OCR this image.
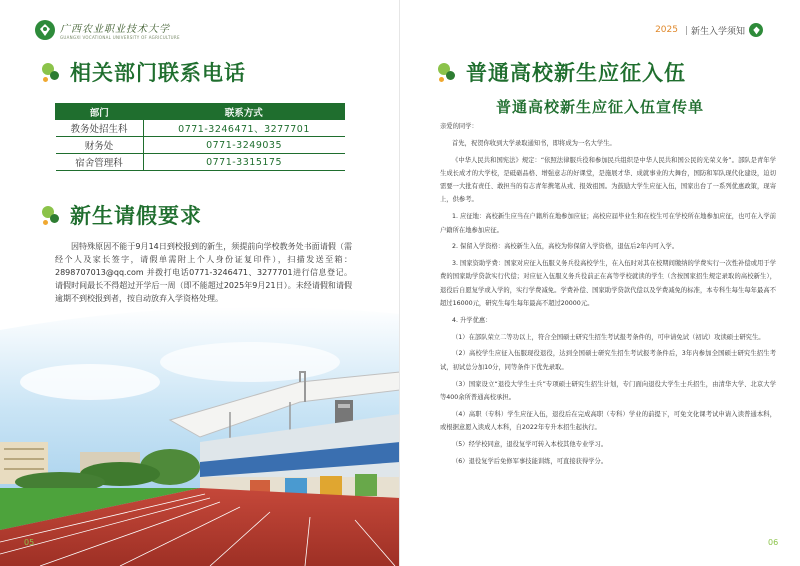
广西农业职业技术大学
GUANGXI VOCATIONAL UNIVERSITY OF AGRICULTURE
相关部门联系电话
部门	联系方式
教务处招生科	0771-3246471、3277701
财务处	0771-3249035
宿舍管理科	0771-3315175
新生请假要求
因特殊原因不能于9月14日到校报到的新生，须提前向学校教务处书面请假（需经个人及家长签字，请假单需附上个人身份证复印件），扫描发送至箱：2898707013@qq.com 并拨打电话0771-3246471、3277701进行信息登记。请假时间最长不得超过开学后一周（即不能超过2025年9月21日）。未经请假和请假逾期不到校报到者，按自动放弃入学资格处理。
05
2025 新生入学须知
普通高校新生应征入伍
普通高校新生应征入伍宣传单

亲爱的同学：

首先，祝贺你收到大学录取通知书，即将成为一名大学生。

《中华人民共和国宪法》规定：“依照法律服兵役和参加民兵组织是中华人民共和国公民的光荣义务”。部队是青年学生成长成才的大学校，是砥砺品格、增强意志的好课堂，是施展才华、成就事业的大舞台，国防和军队现代化建设，迫切需要一大批有责任、敢担当的有志青年携笔从戎、报效祖国。为鼓励大学生应征入伍，国家出台了一系列优惠政策，现寄上，供参考。

1. 应征地：高校新生应当在户籍所在地参加应征；高校应届毕业生和在校生可在学校所在地参加应征，也可在入学前户籍所在地参加应征。

2. 保留入学资格：高校新生入伍，高校为你保留入学资格，退伍后2年内可入学。

3. 国家资助学费：国家对应征入伍服义务兵役高校学生，在入伍时对其在校期间缴纳的学费实行一次性补偿或用于学费的国家助学贷款实行代偿；对应征入伍服义务兵役前正在高等学校就读的学生（含按国家招生规定录取的高校新生），退役后自愿复学或入学的，实行学费减免。学费补偿、国家助学贷款代偿以及学费减免的标准，本专科生每生每年最高不超过16000元，研究生每生每年最高不超过20000元。

4. 升学优惠：

（1）在部队荣立二等功以上，符合全国硕士研究生招生考试报考条件的，可申请免试（初试）攻读硕士研究生。

（2）高校学生应征入伍服现役退役，达到全国硕士研究生招生考试报考条件后，3年内参加全国硕士研究生招生考试，初试总分加10分，同等条件下优先录取。

（3）国家设立“退役大学生士兵”专项硕士研究生招生计划，专门面向退役大学生士兵招生，由清华大学、北京大学等400余所普通高校承担。

（4）高职（专科）学生应征入伍，退役后在完成高职（专科）学业的前提下，可免文化课考试申请入读普通本科，或根据意愿入读成人本科，自2022年专升本招生起执行。

（5）经学校同意，退役复学可转入本校其他专业学习。

（6）退役复学后免修军事技能训练，可直接获得学分。

06
